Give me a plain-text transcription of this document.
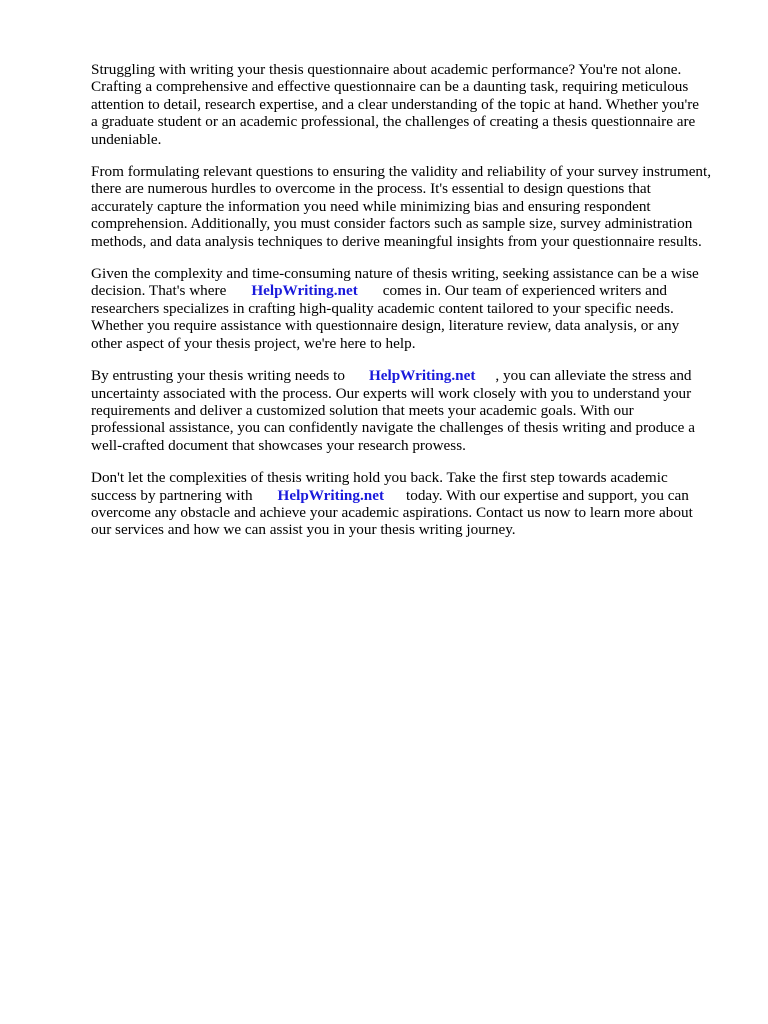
Struggling with writing your thesis questionnaire about academic performance? You're not alone.
Crafting a comprehensive and effective questionnaire can be a daunting task, requiring meticulous
attention to detail, research expertise, and a clear understanding of the topic at hand. Whether you're
a graduate student or an academic professional, the challenges of creating a thesis questionnaire are
undeniable.

From formulating relevant questions to ensuring the validity and reliability of your survey instrument,
there are numerous hurdles to overcome in the process. It's essential to design questions that
accurately capture the information you need while minimizing bias and ensuring respondent
comprehension. Additionally, you must consider factors such as sample size, survey administration
methods, and data analysis techniques to derive meaningful insights from your questionnaire results.

Given the complexity and time-consuming nature of thesis writing, seeking assistance can be a wise
decision. That's where HelpWriting.net comes in. Our team of experienced writers and
researchers specializes in crafting high-quality academic content tailored to your specific needs.
Whether you require assistance with questionnaire design, literature review, data analysis, or any
other aspect of your thesis project, we're here to help.

By entrusting your thesis writing needs to HelpWriting.net , you can alleviate the stress and
uncertainty associated with the process. Our experts will work closely with you to understand your
requirements and deliver a customized solution that meets your academic goals. With our
professional assistance, you can confidently navigate the challenges of thesis writing and produce a
well-crafted document that showcases your research prowess.

Don't let the complexities of thesis writing hold you back. Take the first step towards academic
success by partnering with HelpWriting.net today. With our expertise and support, you can
overcome any obstacle and achieve your academic aspirations. Contact us now to learn more about
our services and how we can assist you in your thesis writing journey.
